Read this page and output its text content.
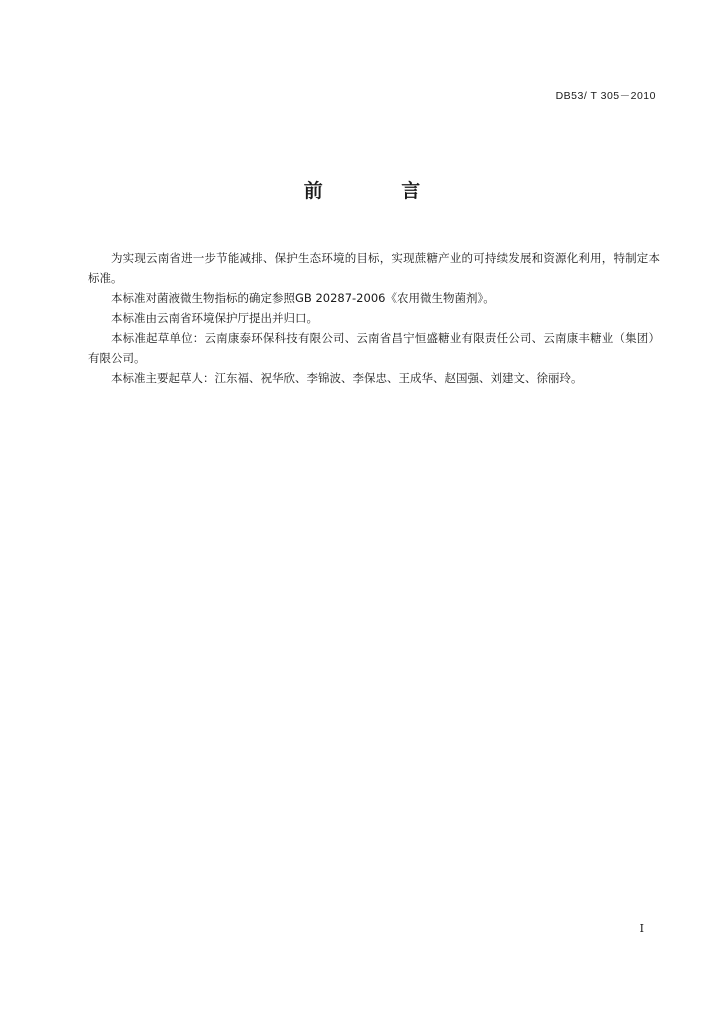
DB53/ T 305－2010
前 言

为实现云南省进一步节能减排、保护生态环境的目标，实现蔗糖产业的可持续发展和资源化利用，特制定本标准。

本标准对菌液微生物指标的确定参照GB 20287-2006《农用微生物菌剂》。

本标准由云南省环境保护厅提出并归口。

本标准起草单位：云南康泰环保科技有限公司、云南省昌宁恒盛糖业有限责任公司、云南康丰糖业（集团）有限公司。

本标准主要起草人：江东福、祝华欣、李锦波、李保忠、王成华、赵国强、刘建文、徐丽玲。

I
